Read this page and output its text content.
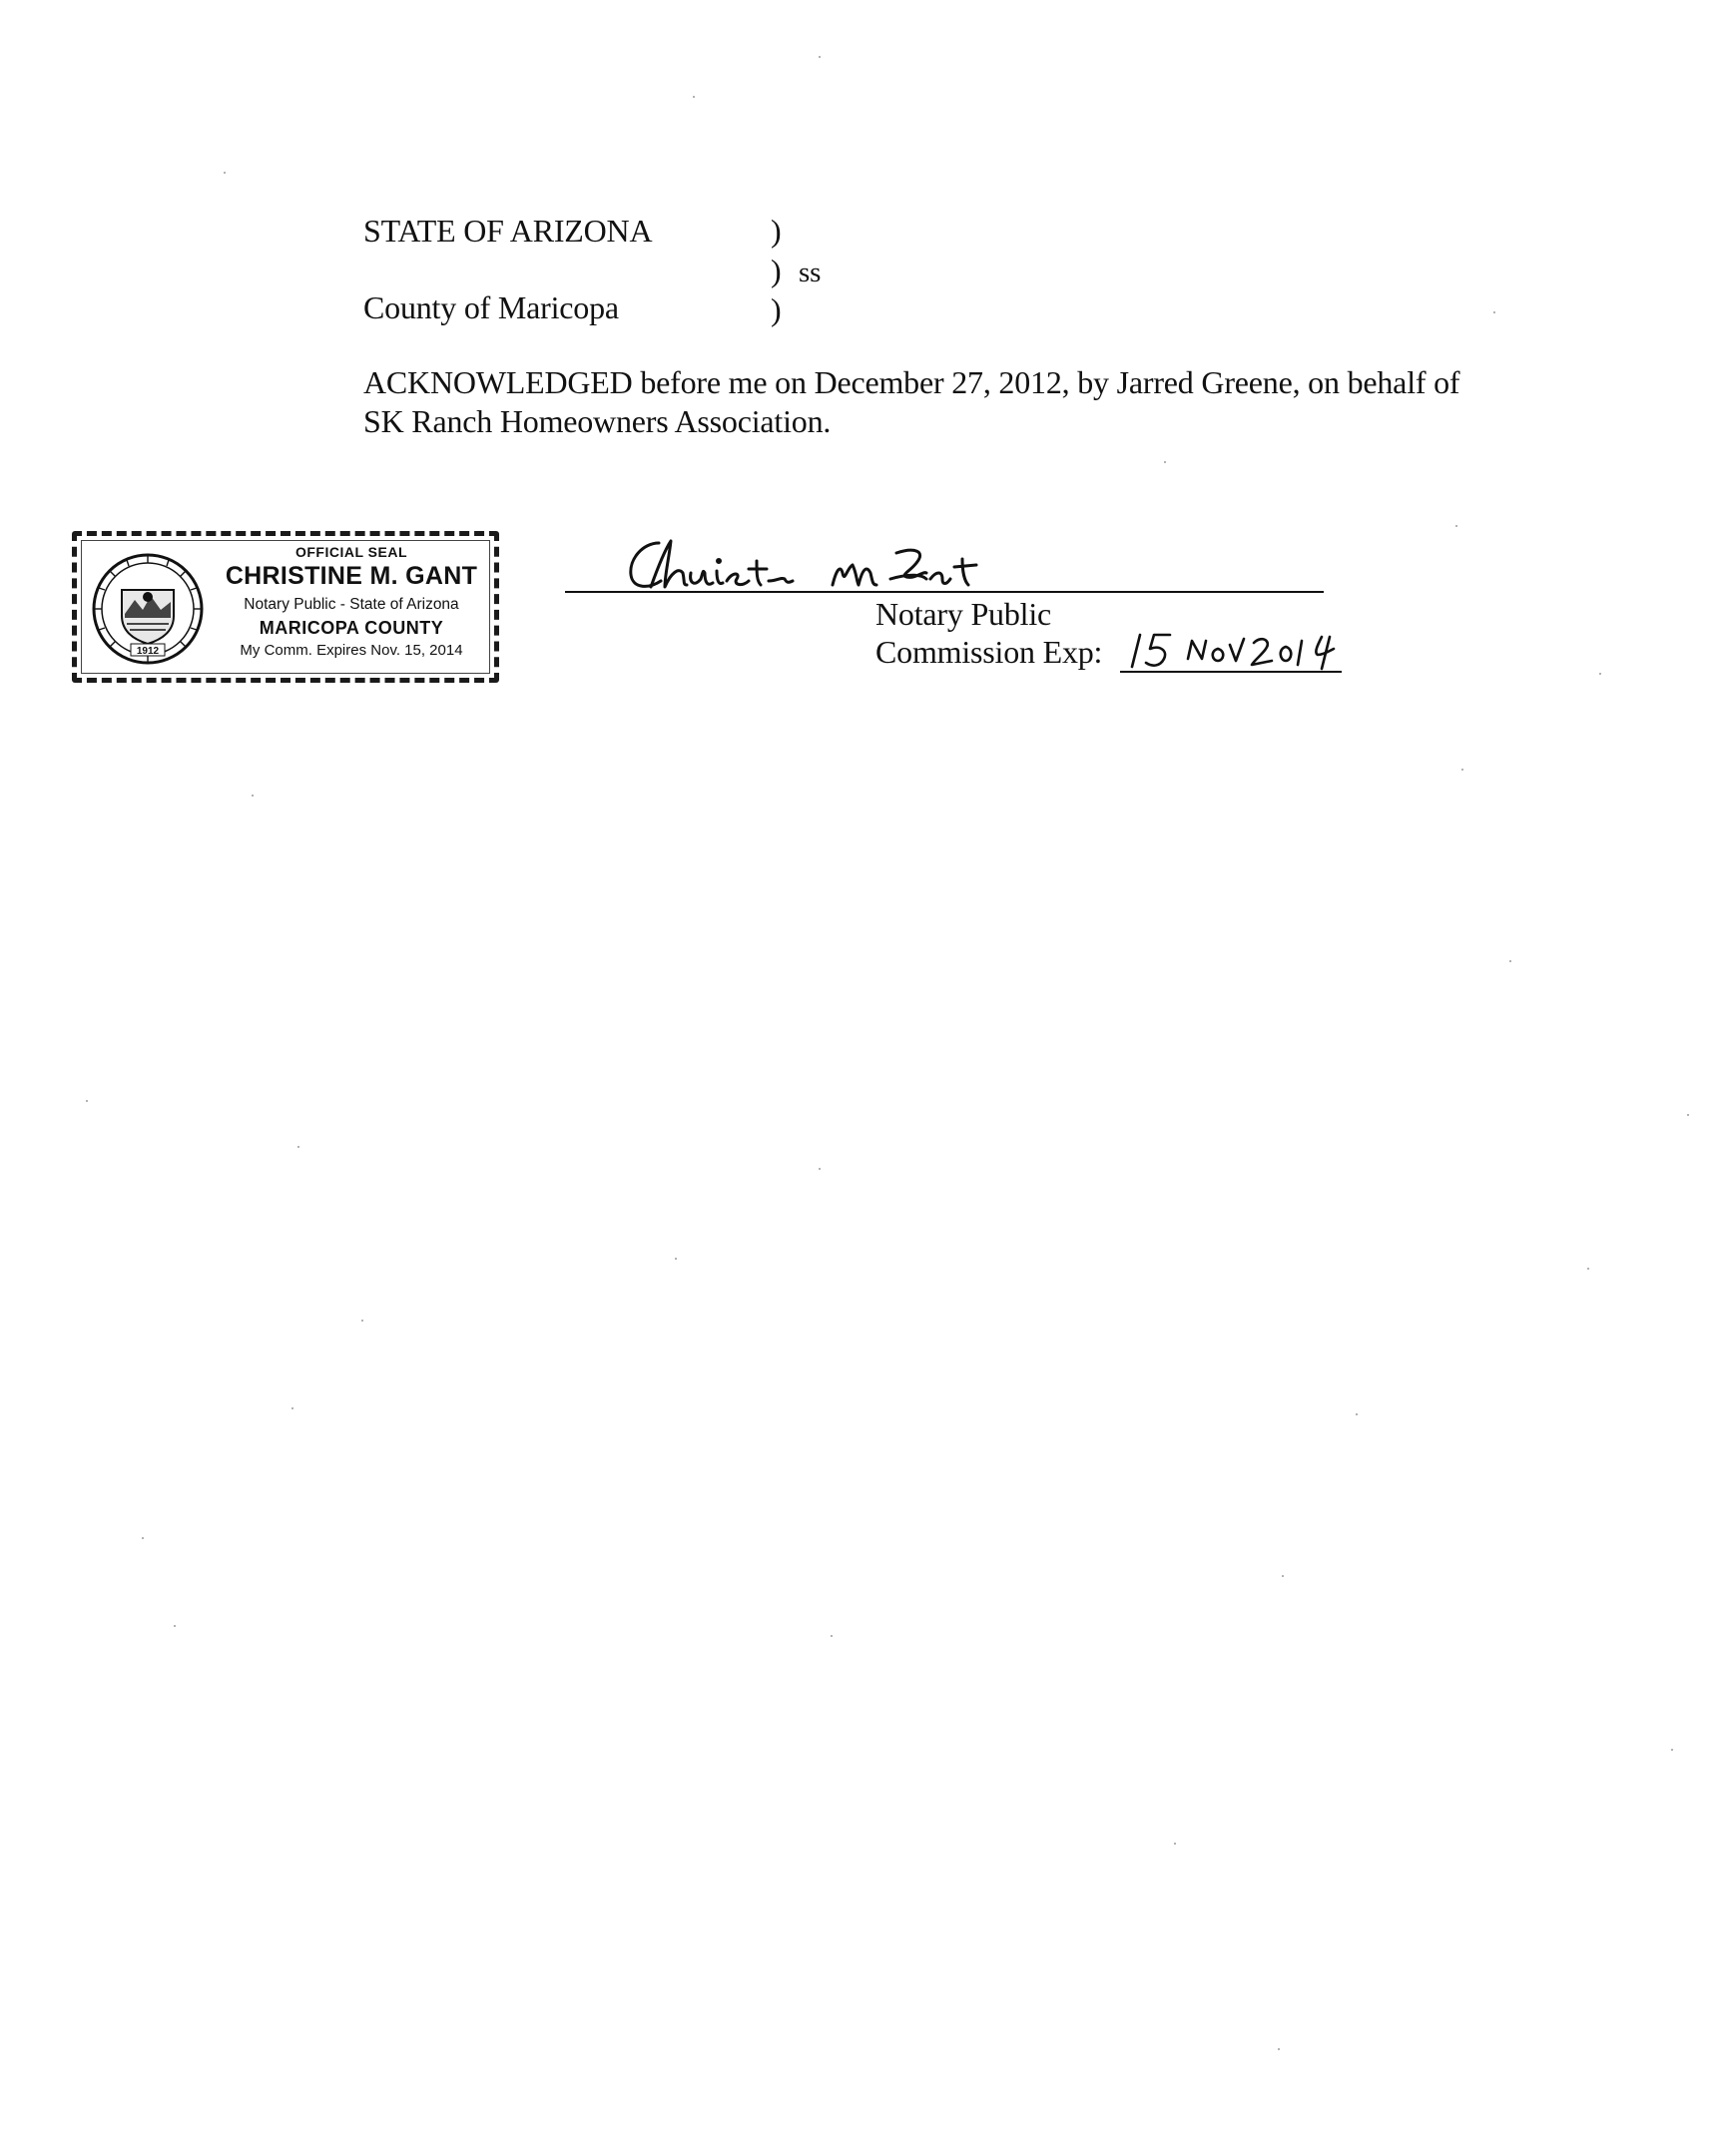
STATE OF ARIZONA	)
) ss
County of Maricopa	)
ACKNOWLEDGED before me on December 27, 2012, by Jarred Greene, on behalf of
SK Ranch Homeowners Association.
1912
OFFICIAL SEAL
CHRISTINE M. GANT
Notary Public - State of Arizona
MARICOPA COUNTY
My Comm. Expires Nov. 15, 2014
Notary Public
Commission Exp:
